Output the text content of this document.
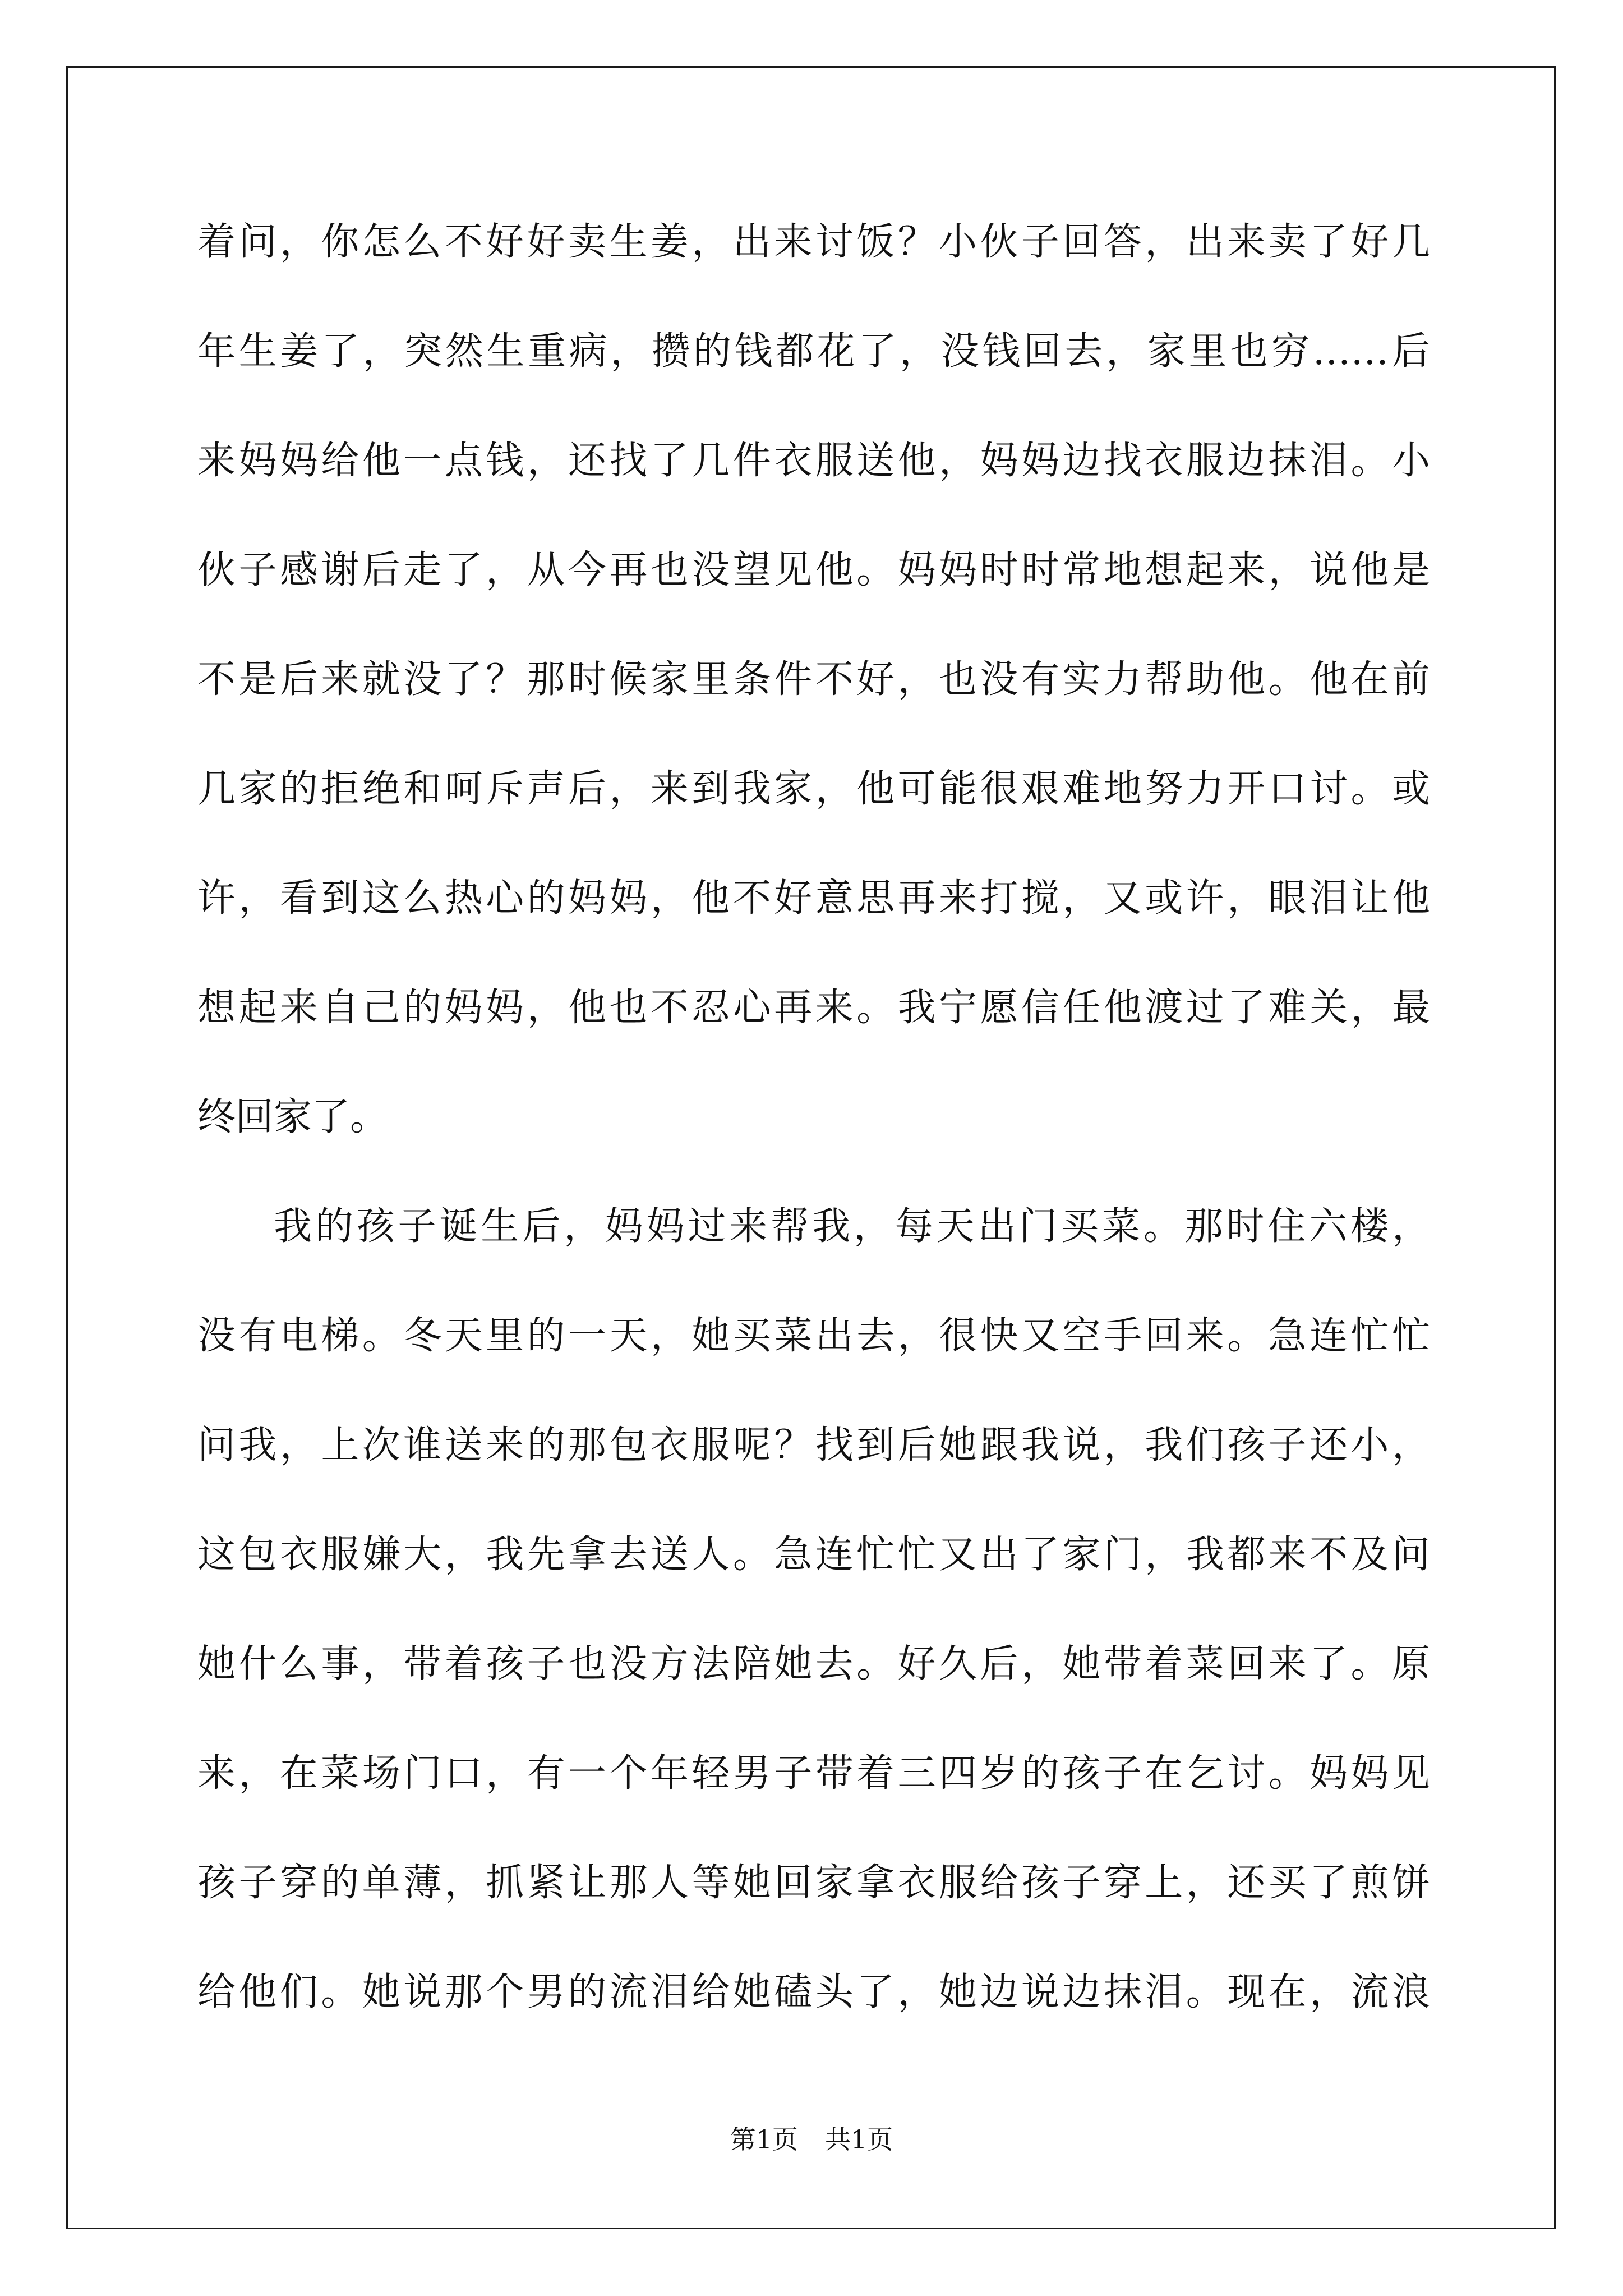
着问，你怎么不好好卖生姜，出来讨饭？小伙子回答，出来卖了好几
年生姜了，突然生重病，攒的钱都花了，没钱回去，家里也穷……后
来妈妈给他一点钱，还找了几件衣服送他，妈妈边找衣服边抹泪。小
伙子感谢后走了，从今再也没望见他。妈妈时时常地想起来，说他是
不是后来就没了？那时候家里条件不好，也没有实力帮助他。他在前
几家的拒绝和呵斥声后，来到我家，他可能很艰难地努力开口讨。或
许，看到这么热心的妈妈，他不好意思再来打搅，又或许，眼泪让他
想起来自己的妈妈，他也不忍心再来。我宁愿信任他渡过了难关，最
终回家了。
我的孩子诞生后，妈妈过来帮我，每天出门买菜。那时住六楼，
没有电梯。冬天里的一天，她买菜出去，很快又空手回来。急连忙忙
问我，上次谁送来的那包衣服呢？找到后她跟我说，我们孩子还小，
这包衣服嫌大，我先拿去送人。急连忙忙又出了家门，我都来不及问
她什么事，带着孩子也没方法陪她去。好久后，她带着菜回来了。原
来，在菜场门口，有一个年轻男子带着三四岁的孩子在乞讨。妈妈见
孩子穿的单薄，抓紧让那人等她回家拿衣服给孩子穿上，还买了煎饼
给他们。她说那个男的流泪给她磕头了，她边说边抹泪。现在，流浪
第1页 共1页
